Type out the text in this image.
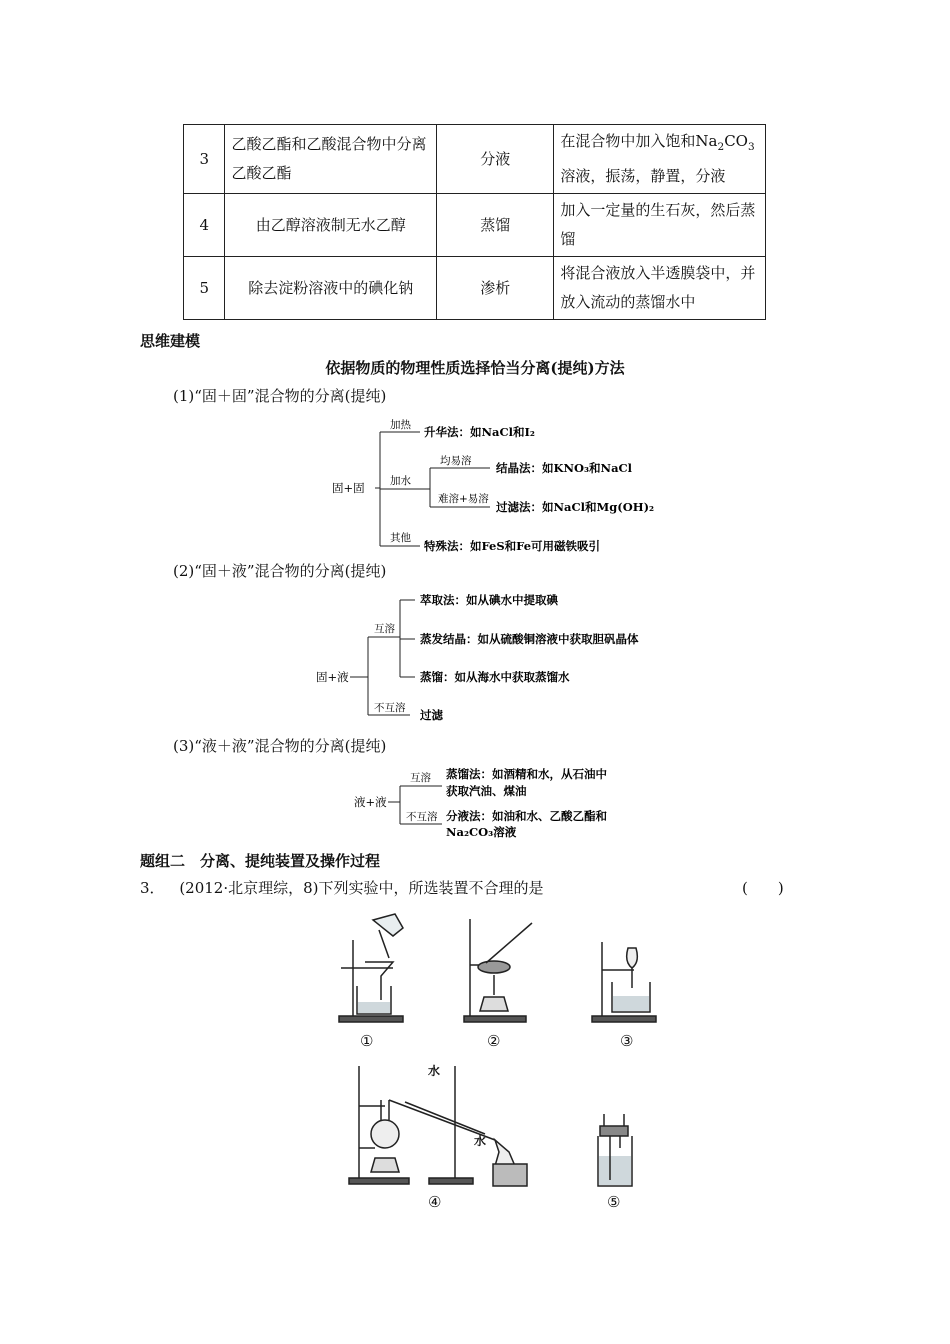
3	乙酸乙酯和乙酸混合物中分离乙酸乙酯	分液	在混合物中加入饱和$Na_2CO_3$溶液，振荡，静置，分液
4	由乙醇溶液制无水乙醇	蒸馏	加入一定量的生石灰，然后蒸馏
5	除去淀粉溶液中的碘化钠	渗析	将混合液放入半透膜袋中，并放入流动的蒸馏水中
思维建模
依据物质的物理性质选择恰当分离(提纯)方法
(1)“固＋固”混合物的分离(提纯)
固+固
加热 升华法：如NaCl和I₂
加水
均易溶 结晶法：如KNO₃和NaCl
难溶+易溶
过滤法：如NaCl和Mg(OH)₂
其他
特殊法：如FeS和Fe可用磁铁吸引
(2)“固＋液”混合物的分离(提纯)
固+液
互溶
萃取法：如从碘水中提取碘
蒸发结晶：如从硫酸铜溶液中获取胆矾晶体
蒸馏：如从海水中获取蒸馏水
不互溶 过滤
(3)“液＋液”混合物的分离(提纯)
液+液
互溶 蒸馏法：如酒精和水，从石油中
获取汽油、煤油
不互溶 分液法：如油和水、乙酸乙酯和
Na₂CO₃溶液
题组二　分离、提纯装置及操作过程
3． (2012·北京理综，8)下列实验中，所选装置不合理的是	(　　)
①	②	③
水
水
④	⑤
